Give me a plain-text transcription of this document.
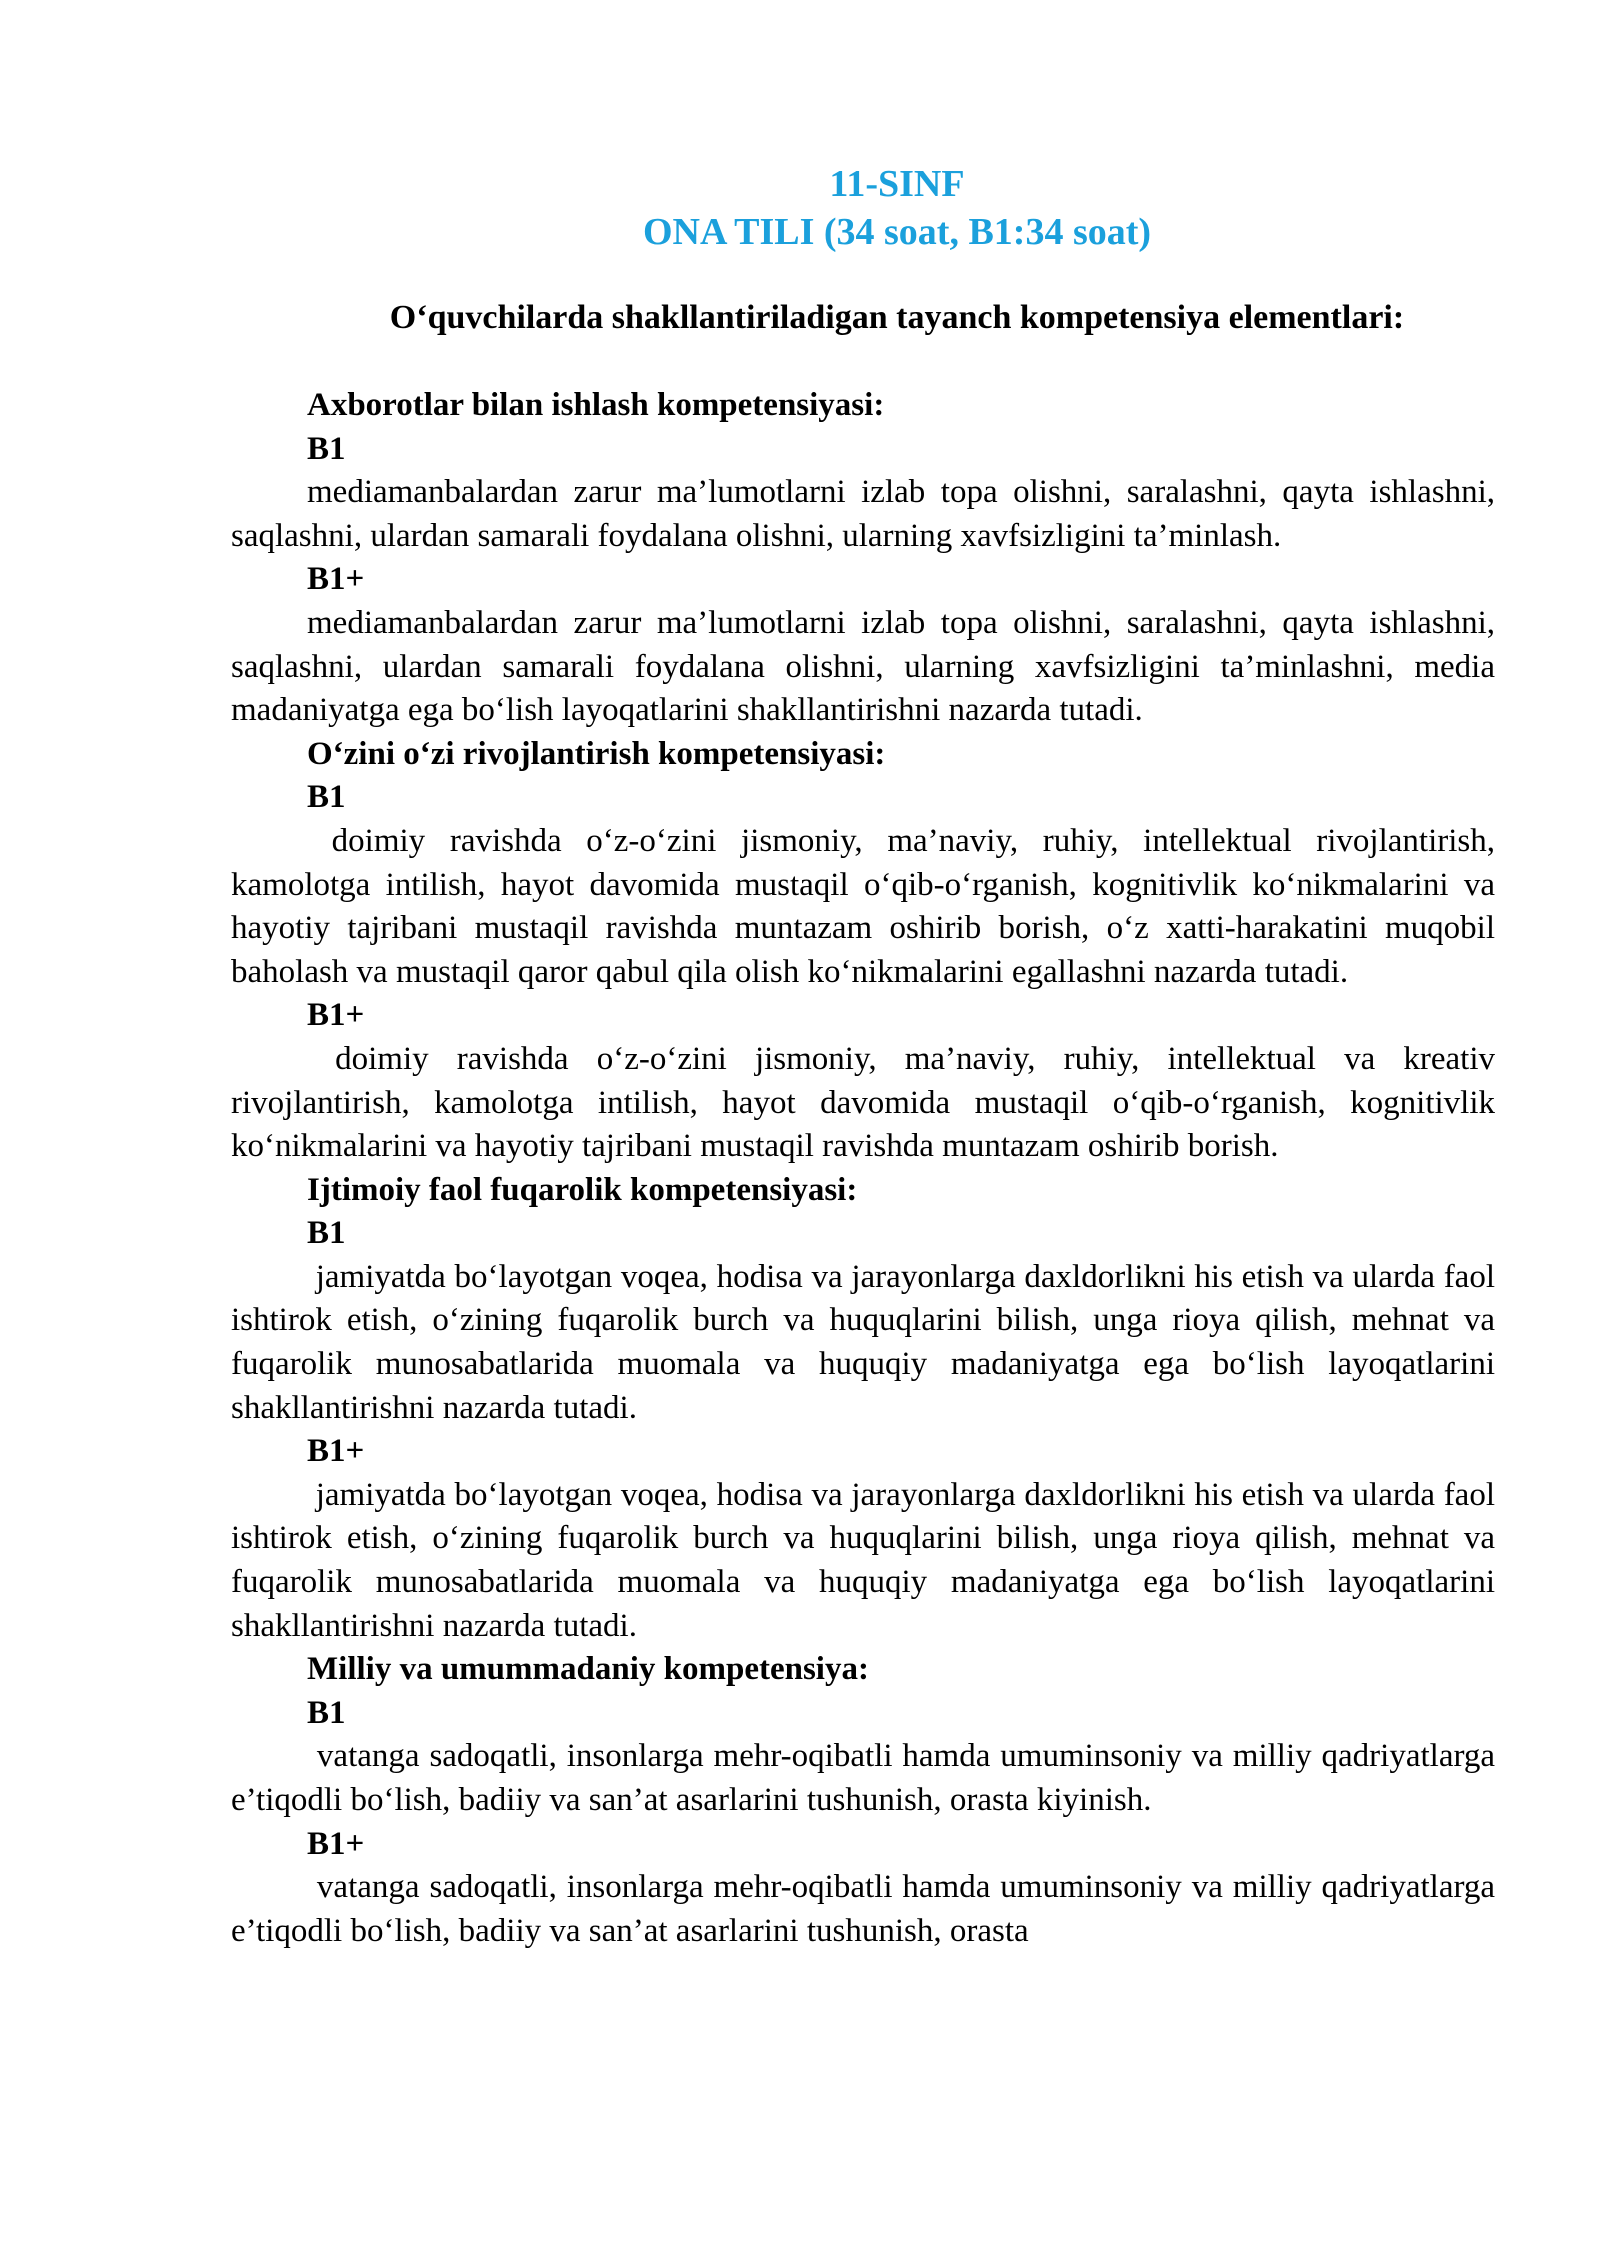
11-SINF
ONA TILI (34 soat, B1:34 soat)
O‘quvchilarda shakllantiriladigan tayanch kompetensiya elementlari:
Axborotlar bilan ishlash kompetensiyasi:
B1
mediamanbalardan zarur ma’lumotlarni izlab topa olishni, saralashni, qayta ishlashni, saqlashni, ulardan samarali foydalana olishni, ularning xavfsizligini ta’minlash.
B1+
mediamanbalardan zarur ma’lumotlarni izlab topa olishni, saralashni, qayta ishlashni, saqlashni, ulardan samarali foydalana olishni, ularning xavfsizligini ta’minlashni, media madaniyatga ega bo‘lish layoqatlarini shakllantirishni nazarda tutadi.
O‘zini o‘zi rivojlantirish kompetensiyasi:
B1
doimiy ravishda o‘z-o‘zini jismoniy, ma’naviy, ruhiy, intellektual rivojlantirish, kamolotga intilish, hayot davomida mustaqil o‘qib-o‘rganish, kognitivlik ko‘nikmalarini va hayotiy tajribani mustaqil ravishda muntazam oshirib borish, o‘z xatti-harakatini muqobil baholash va mustaqil qaror qabul qila olish ko‘nikmalarini egallashni nazarda tutadi.
B1+
doimiy ravishda o‘z-o‘zini jismoniy, ma’naviy, ruhiy, intellektual va kreativ rivojlantirish, kamolotga intilish, hayot davomida mustaqil o‘qib-o‘rganish, kognitivlik ko‘nikmalarini va hayotiy tajribani mustaqil ravishda muntazam oshirib borish.
Ijtimoiy faol fuqarolik kompetensiyasi:
B1
jamiyatda bo‘layotgan voqea, hodisa va jarayonlarga daxldorlikni his etish va ularda faol ishtirok etish, o‘zining fuqarolik burch va huquqlarini bilish, unga rioya qilish, mehnat va fuqarolik munosabatlarida muomala va huquqiy madaniyatga ega bo‘lish layoqatlarini shakllantirishni nazarda tutadi.
B1+
jamiyatda bo‘layotgan voqea, hodisa va jarayonlarga daxldorlikni his etish va ularda faol ishtirok etish, o‘zining fuqarolik burch va huquqlarini bilish, unga rioya qilish, mehnat va fuqarolik munosabatlarida muomala va huquqiy madaniyatga ega bo‘lish layoqatlarini shakllantirishni nazarda tutadi.
Milliy va umummadaniy kompetensiya:
B1
vatanga sadoqatli, insonlarga mehr-oqibatli hamda umuminsoniy va milliy qadriyatlarga e’tiqodli bo‘lish, badiiy va san’at asarlarini tushunish, orasta kiyinish.
B1+
vatanga sadoqatli, insonlarga mehr-oqibatli hamda umuminsoniy va milliy qadriyatlarga e’tiqodli bo‘lish, badiiy va san’at asarlarini tushunish, orasta
